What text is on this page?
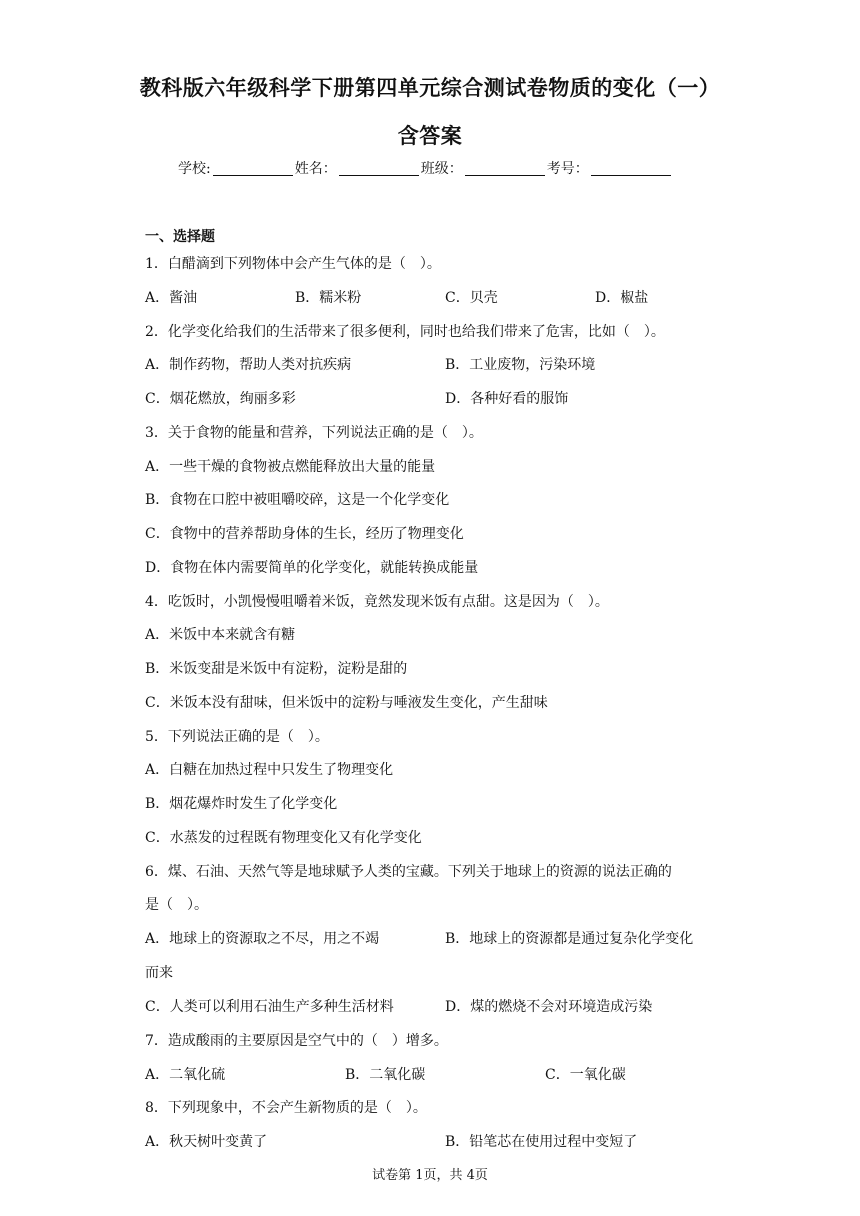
教科版六年级科学下册第四单元综合测试卷物质的变化（一）
含答案
学校:	姓名：	班级：	考号：
一、选择题
1．白醋滴到下列物体中会产生气体的是（　）。
A．酱油	B．糯米粉	C．贝壳	D．椒盐
2．化学变化给我们的生活带来了很多便利，同时也给我们带来了危害，比如（　）。
A．制作药物，帮助人类对抗疾病	B．工业废物，污染环境
C．烟花燃放，绚丽多彩	D．各种好看的服饰
3．关于食物的能量和营养，下列说法正确的是（　）。
A．一些干燥的食物被点燃能释放出大量的能量
B．食物在口腔中被咀嚼咬碎，这是一个化学变化
C．食物中的营养帮助身体的生长，经历了物理变化
D．食物在体内需要简单的化学变化，就能转换成能量
4．吃饭时，小凯慢慢咀嚼着米饭，竟然发现米饭有点甜。这是因为（　）。
A．米饭中本来就含有糖
B．米饭变甜是米饭中有淀粉，淀粉是甜的
C．米饭本没有甜味，但米饭中的淀粉与唾液发生变化，产生甜味
5．下列说法正确的是（　）。
A．白糖在加热过程中只发生了物理变化
B．烟花爆炸时发生了化学变化
C．水蒸发的过程既有物理变化又有化学变化
6．煤、石油、天然气等是地球赋予人类的宝藏。下列关于地球上的资源的说法正确的
是（　）。
A．地球上的资源取之不尽，用之不竭	B．地球上的资源都是通过复杂化学变化
而来
C．人类可以利用石油生产多种生活材料	D．煤的燃烧不会对环境造成污染
7．造成酸雨的主要原因是空气中的（　）增多。
A．二氧化硫	B．二氧化碳	C．一氧化碳
8．下列现象中，不会产生新物质的是（　）。
A．秋天树叶变黄了	B．铅笔芯在使用过程中变短了
试卷第 1页，共 4页
